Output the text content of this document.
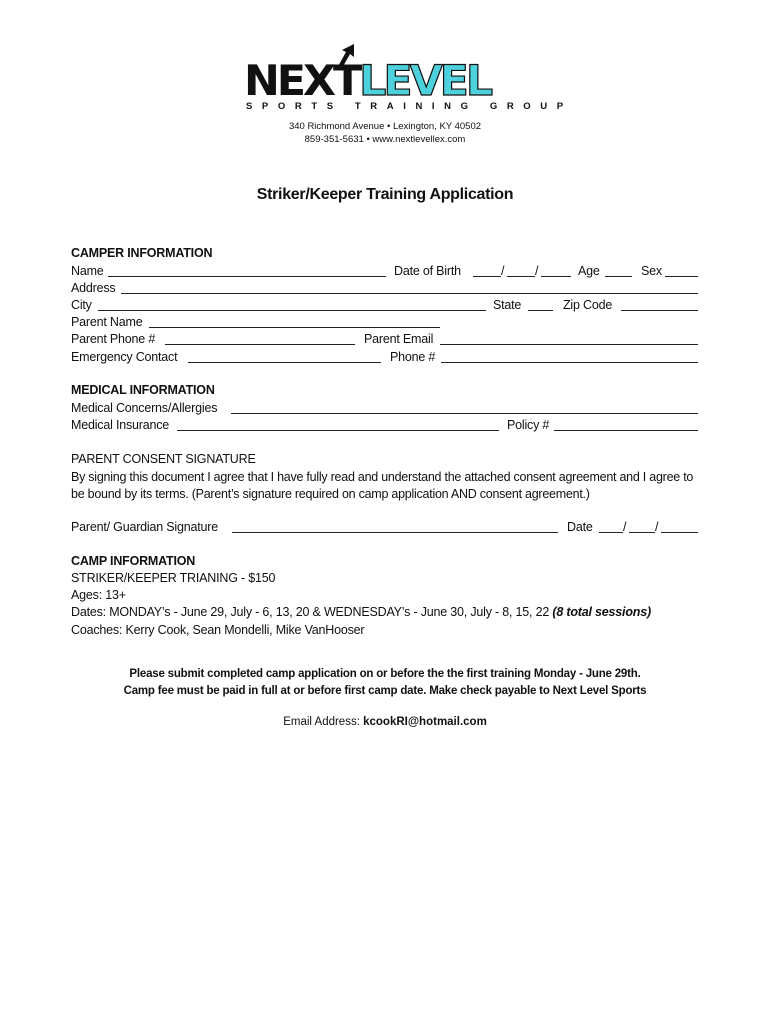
NEXTLEVEL
SPORTS TRAINING GROUP
340 Richmond Avenue • Lexington, KY 40502
859-351-5631 • www.nextlevellex.com
Striker/Keeper Training Application
CAMPER INFORMATION
Name	Date of Birth	/ /	Age	Sex
Address
City	State	Zip Code
Parent Name
Parent Phone #	Parent Email
Emergency Contact	Phone #
MEDICAL INFORMATION
Medical Concerns/Allergies
Medical Insurance	Policy #
PARENT CONSENT SIGNATURE
By signing this document I agree that I have fully read and understand the attached consent agreement and I agree to be bound by its terms. (Parent’s signature required on camp application AND consent agreement.)
Parent/ Guardian Signature	Date / /
CAMP INFORMATION
STRIKER/KEEPER TRIANING - $150
Ages: 13+
Dates: MONDAY’s - June 29, July - 6, 13, 20 & WEDNESDAY’s - June 30, July - 8, 15, 22 (8 total sessions)
Coaches: Kerry Cook, Sean Mondelli, Mike VanHooser
Please submit completed camp application on or before the the first training Monday - June 29th.
Camp fee must be paid in full at or before first camp date. Make check payable to Next Level Sports
Email Address: kcookRI@hotmail.com
